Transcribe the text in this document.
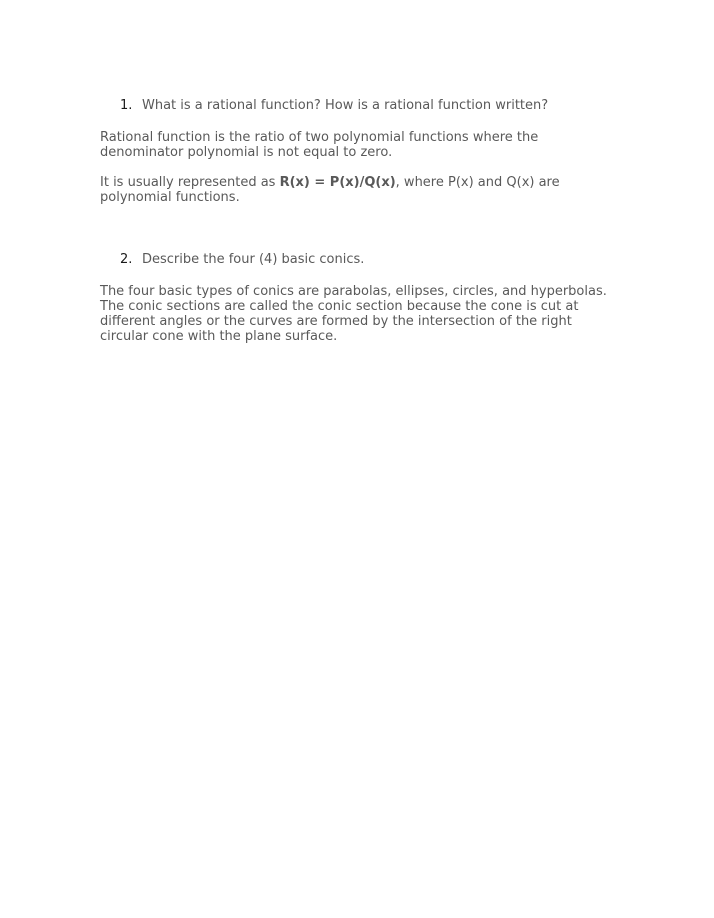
1. What is a rational function? How is a rational function written?
Rational function is the ratio of two polynomial functions where the
denominator polynomial is not equal to zero.
It is usually represented as R(x) = P(x)/Q(x), where P(x) and Q(x) are
polynomial functions.
2. Describe the four (4) basic conics.
The four basic types of conics are parabolas, ellipses, circles, and hyperbolas.
The conic sections are called the conic section because the cone is cut at
different angles or the curves are formed by the intersection of the right
circular cone with the plane surface.
